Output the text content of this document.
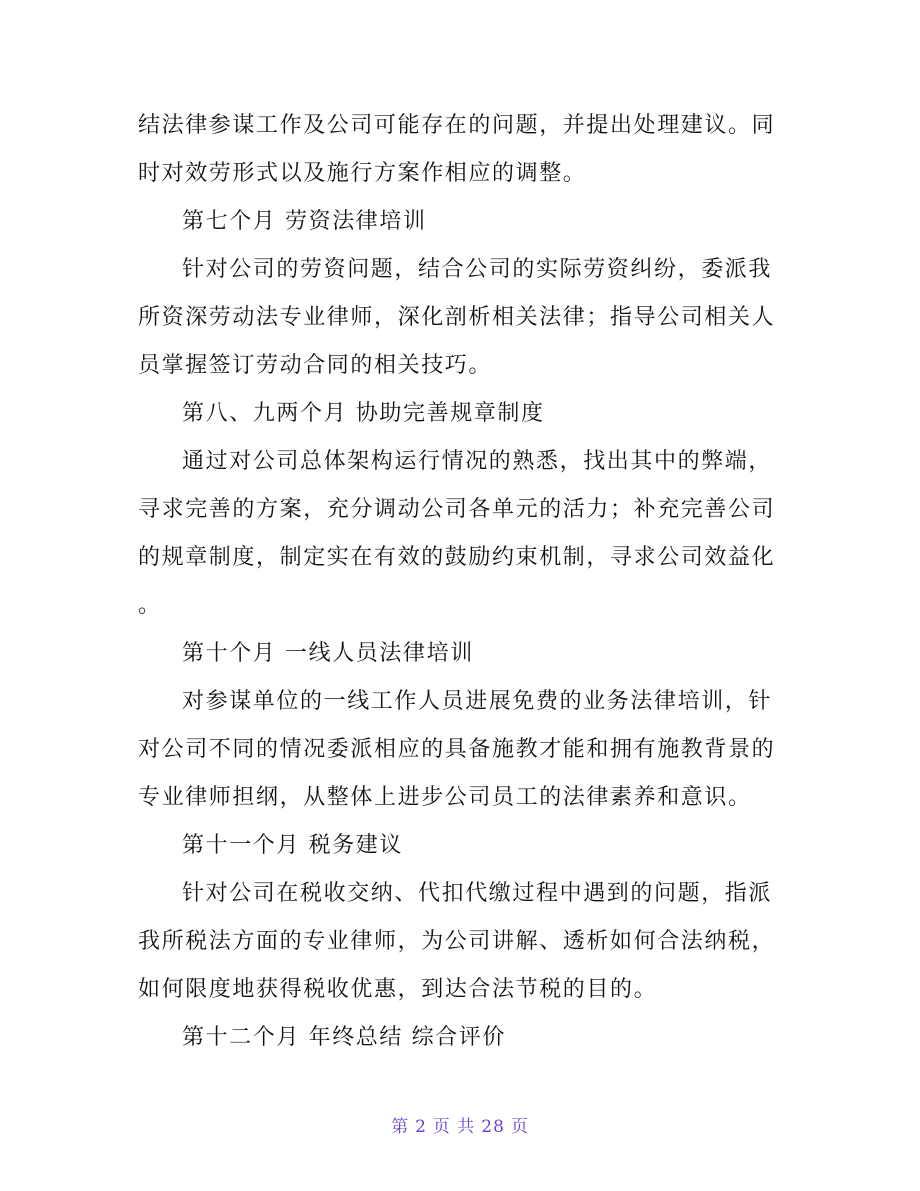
结法律参谋工作及公司可能存在的问题，并提出处理建议。同
时对效劳形式以及施行方案作相应的调整。
第七个月 劳资法律培训
针对公司的劳资问题，结合公司的实际劳资纠纷，委派我
所资深劳动法专业律师，深化剖析相关法律；指导公司相关人
员掌握签订劳动合同的相关技巧。
第八、九两个月 协助完善规章制度
通过对公司总体架构运行情况的熟悉，找出其中的弊端，
寻求完善的方案，充分调动公司各单元的活力；补充完善公司
的规章制度，制定实在有效的鼓励约束机制，寻求公司效益化
。
第十个月 一线人员法律培训
对参谋单位的一线工作人员进展免费的业务法律培训，针
对公司不同的情况委派相应的具备施教才能和拥有施教背景的
专业律师担纲，从整体上进步公司员工的法律素养和意识。
第十一个月 税务建议
针对公司在税收交纳、代扣代缴过程中遇到的问题，指派
我所税法方面的专业律师，为公司讲解、透析如何合法纳税，
如何限度地获得税收优惠，到达合法节税的目的。
第十二个月 年终总结 综合评价
第 2 页 共 28 页
